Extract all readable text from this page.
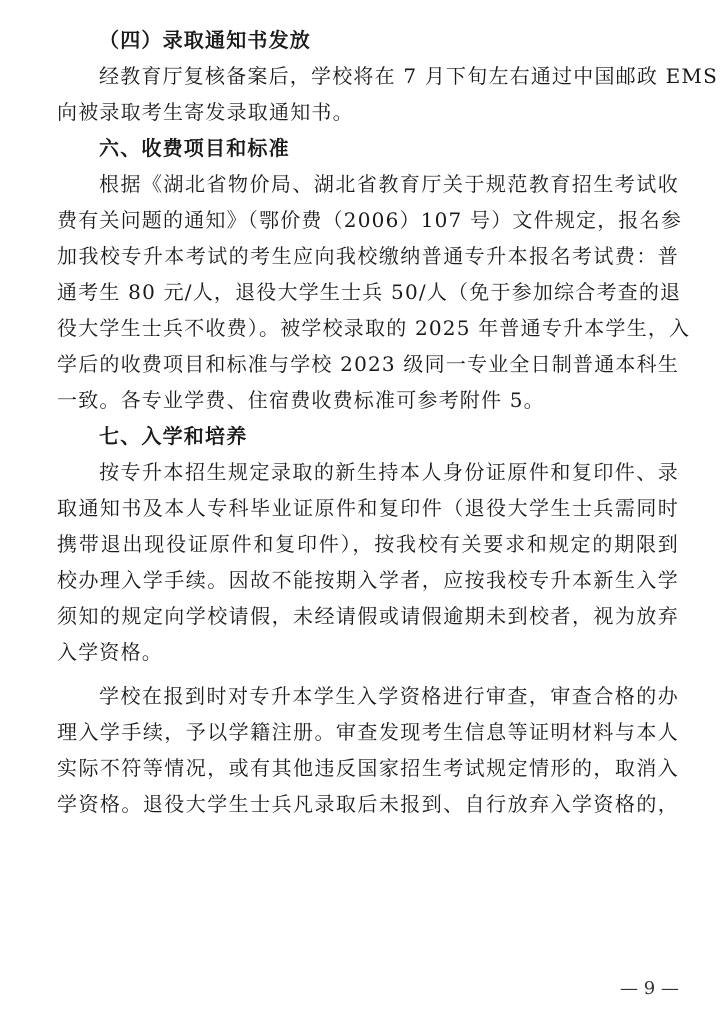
（四）录取通知书发放
经教育厅复核备案后，学校将在 7 月下旬左右通过中国邮政 EMS
向被录取考生寄发录取通知书。
六、收费项目和标准
根据《湖北省物价局、湖北省教育厅关于规范教育招生考试收
费有关问题的通知》（鄂价费（2006）107 号）文件规定，报名参
加我校专升本考试的考生应向我校缴纳普通专升本报名考试费：普
通考生 80 元/人，退役大学生士兵 50/人（免于参加综合考查的退
役大学生士兵不收费）。被学校录取的 2025 年普通专升本学生，入
学后的收费项目和标准与学校 2023 级同一专业全日制普通本科生
一致。各专业学费、住宿费收费标准可参考附件 5。
七、入学和培养
按专升本招生规定录取的新生持本人身份证原件和复印件、录
取通知书及本人专科毕业证原件和复印件（退役大学生士兵需同时
携带退出现役证原件和复印件），按我校有关要求和规定的期限到
校办理入学手续。因故不能按期入学者，应按我校专升本新生入学
须知的规定向学校请假，未经请假或请假逾期未到校者，视为放弃
入学资格。
学校在报到时对专升本学生入学资格进行审查，审查合格的办
理入学手续，予以学籍注册。审查发现考生信息等证明材料与本人
实际不符等情况，或有其他违反国家招生考试规定情形的，取消入
学资格。退役大学生士兵凡录取后未报到、自行放弃入学资格的，
— 9 —
